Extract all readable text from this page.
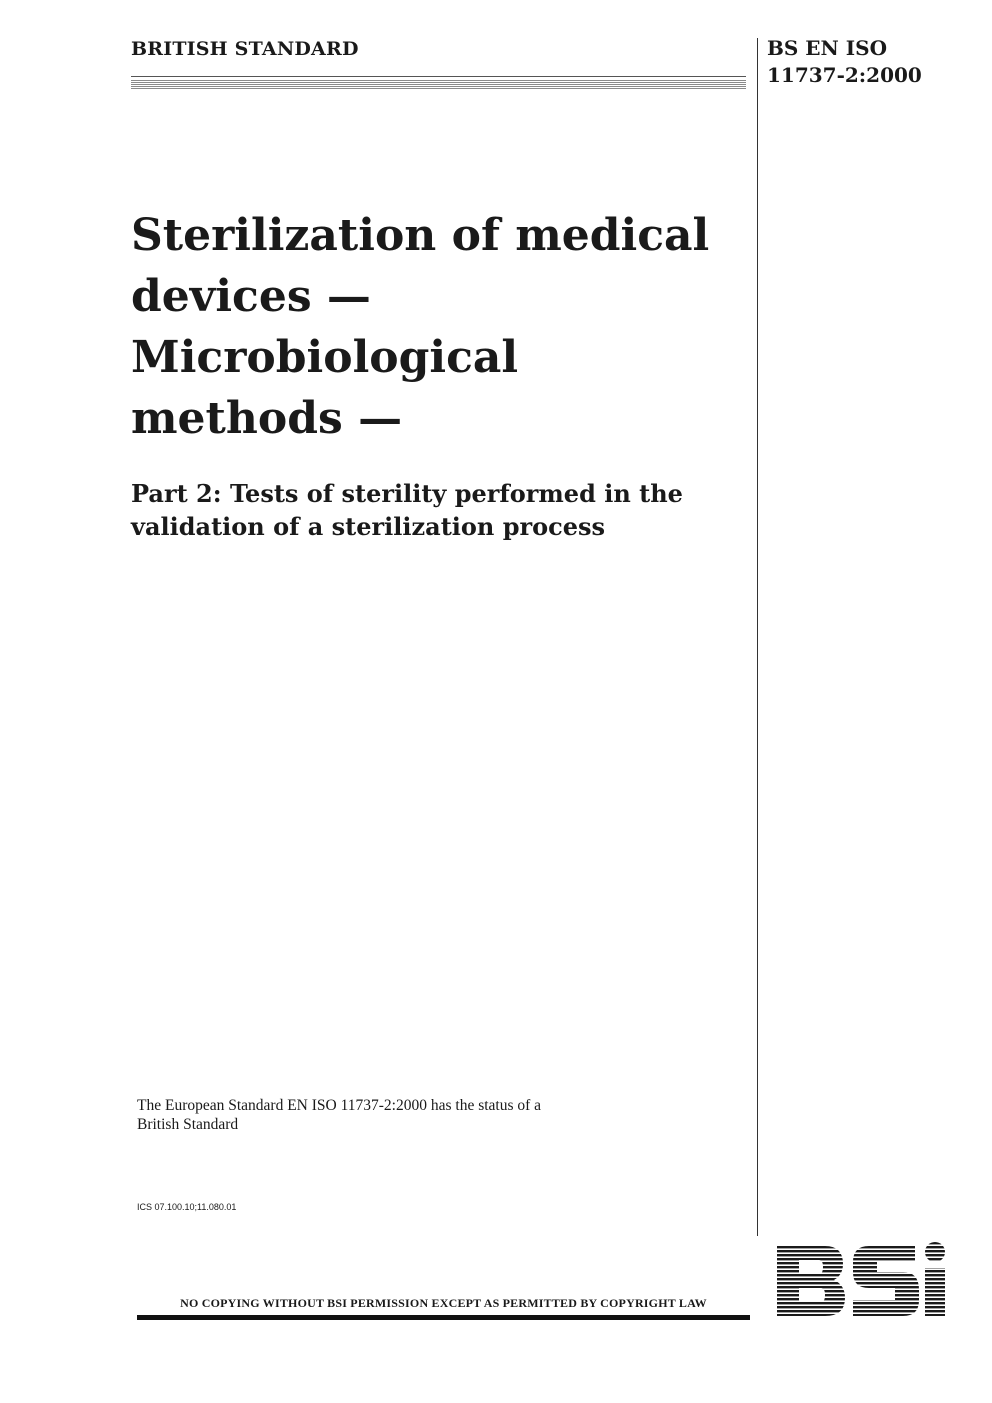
BRITISH STANDARD	BS EN ISO
11737-2:2000
Sterilization of medical
devices —
Microbiological
methods —
Part 2: Tests of sterility performed in the
validation of a sterilization process
The European Standard EN ISO 11737-2:2000 has the status of a
British Standard
ICS 07.100.10;11.080.01
NO COPYING WITHOUT BSI PERMISSION EXCEPT AS PERMITTED BY COPYRIGHT LAW
